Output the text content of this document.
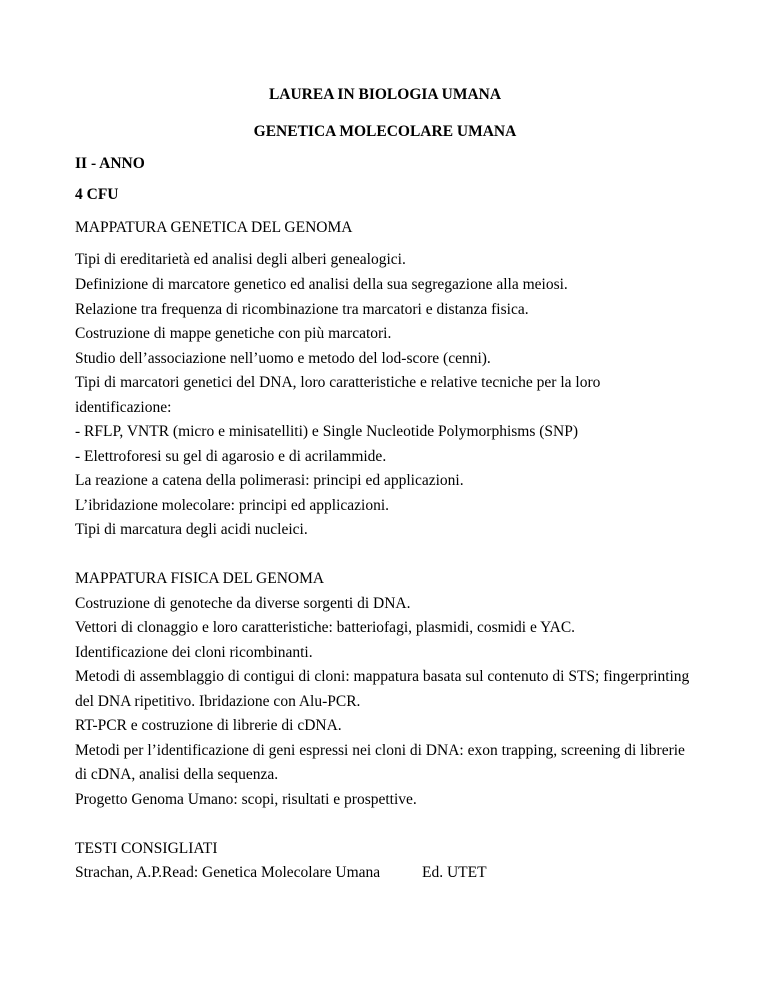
LAUREA IN BIOLOGIA UMANA
GENETICA MOLECOLARE UMANA
II - ANNO
4 CFU
MAPPATURA GENETICA DEL GENOMA
Tipi di ereditarietà ed analisi degli alberi genealogici.
Definizione di marcatore genetico ed analisi della sua segregazione alla meiosi.
Relazione tra frequenza di ricombinazione tra marcatori e distanza fisica.
Costruzione di mappe genetiche con più marcatori.
Studio dell’associazione nell’uomo e metodo del lod-score (cenni).
Tipi di marcatori genetici del DNA, loro caratteristiche e relative tecniche per la loro
identificazione:
- RFLP, VNTR (micro e minisatelliti) e Single Nucleotide Polymorphisms (SNP)
- Elettroforesi su gel di agarosio e di acrilammide.
La reazione a catena della polimerasi: principi ed applicazioni.
L’ibridazione molecolare: principi ed applicazioni.
Tipi di marcatura degli acidi nucleici.
MAPPATURA FISICA DEL GENOMA
Costruzione di genoteche da diverse sorgenti di DNA.
Vettori di clonaggio e loro caratteristiche: batteriofagi, plasmidi, cosmidi e YAC.
Identificazione dei cloni ricombinanti.
Metodi di assemblaggio di contigui di cloni: mappatura basata sul contenuto di STS; fingerprinting
del DNA ripetitivo. Ibridazione con Alu-PCR.
RT-PCR e costruzione di librerie di cDNA.
Metodi per l’identificazione di geni espressi nei cloni di DNA: exon trapping, screening di librerie
di cDNA, analisi della sequenza.
Progetto Genoma Umano: scopi, risultati e prospettive.
TESTI CONSIGLIATI
Strachan, A.P.Read: Genetica Molecolare Umana	Ed. UTET
